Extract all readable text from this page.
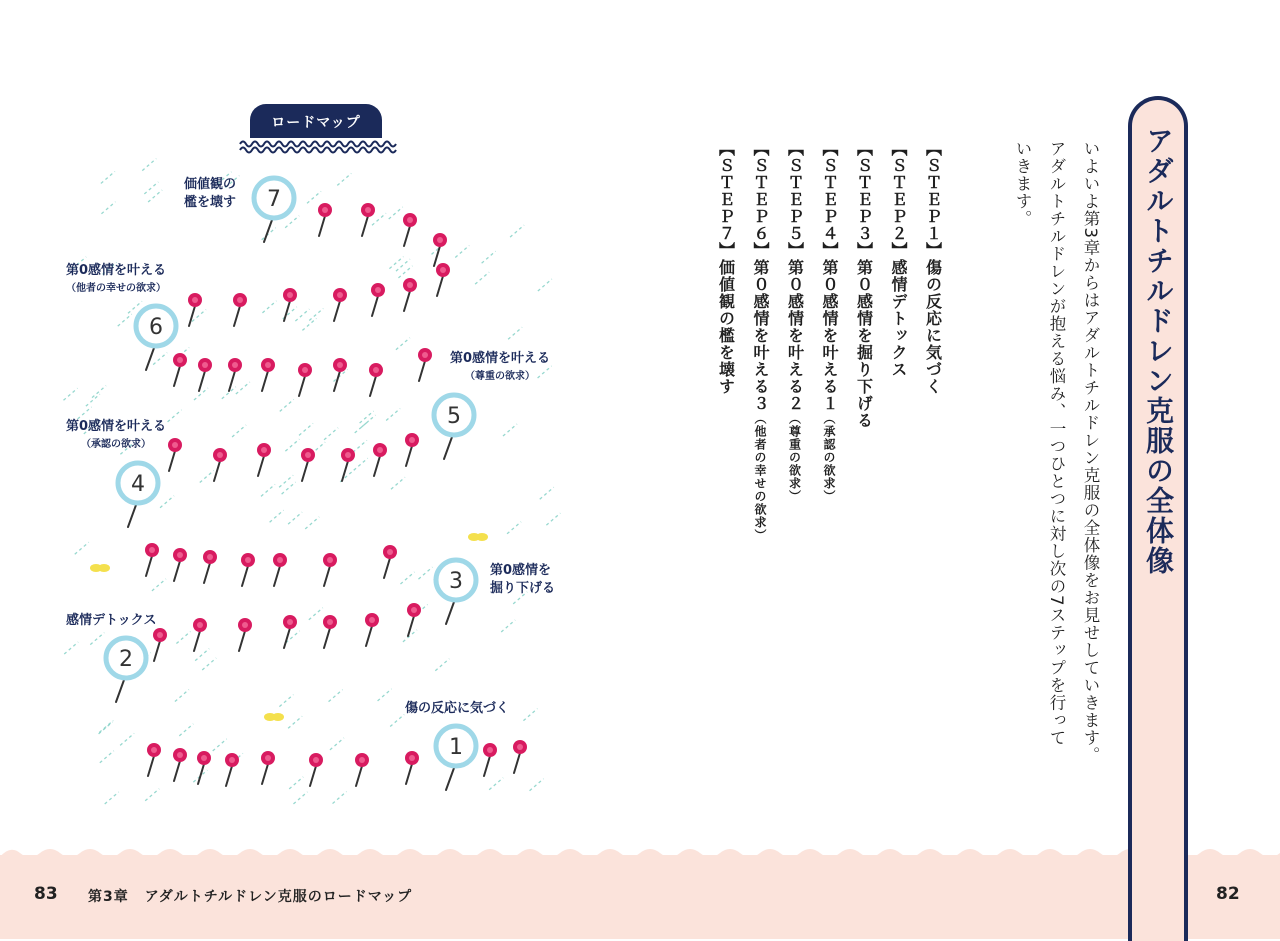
83 第3章 アダルトチルドレン克服のロードマップ	82
アダルトチルドレン克服の全体像
いよいよ第3章からはアダルトチルドレン克服の全体像をお見せしていきます。
アダルトチルドレンが抱える悩み、一つひとつに対し次の7ステップを行って
いきます。
【ＳＴＥＰ１】傷の反応に気づく
【ＳＴＥＰ２】感情デトックス
【ＳＴＥＰ３】第０感情を掘り下げる
【ＳＴＥＰ４】第０感情を叶える１（承認の欲求）
【ＳＴＥＰ５】第０感情を叶える２（尊重の欲求）
【ＳＴＥＰ６】第０感情を叶える３（他者の幸せの欲求）
【ＳＴＥＰ７】価値観の檻を壊す
1
2
3
4
5
6
7
ロードマップ
傷の反応に気づく
感情デトックス
第0感情を
掘り下げる
第0感情を叶える
（承認の欲求）
第0感情を叶える
（尊重の欲求）
第0感情を叶える
（他者の幸せの欲求）
価値観の
檻を壊す
